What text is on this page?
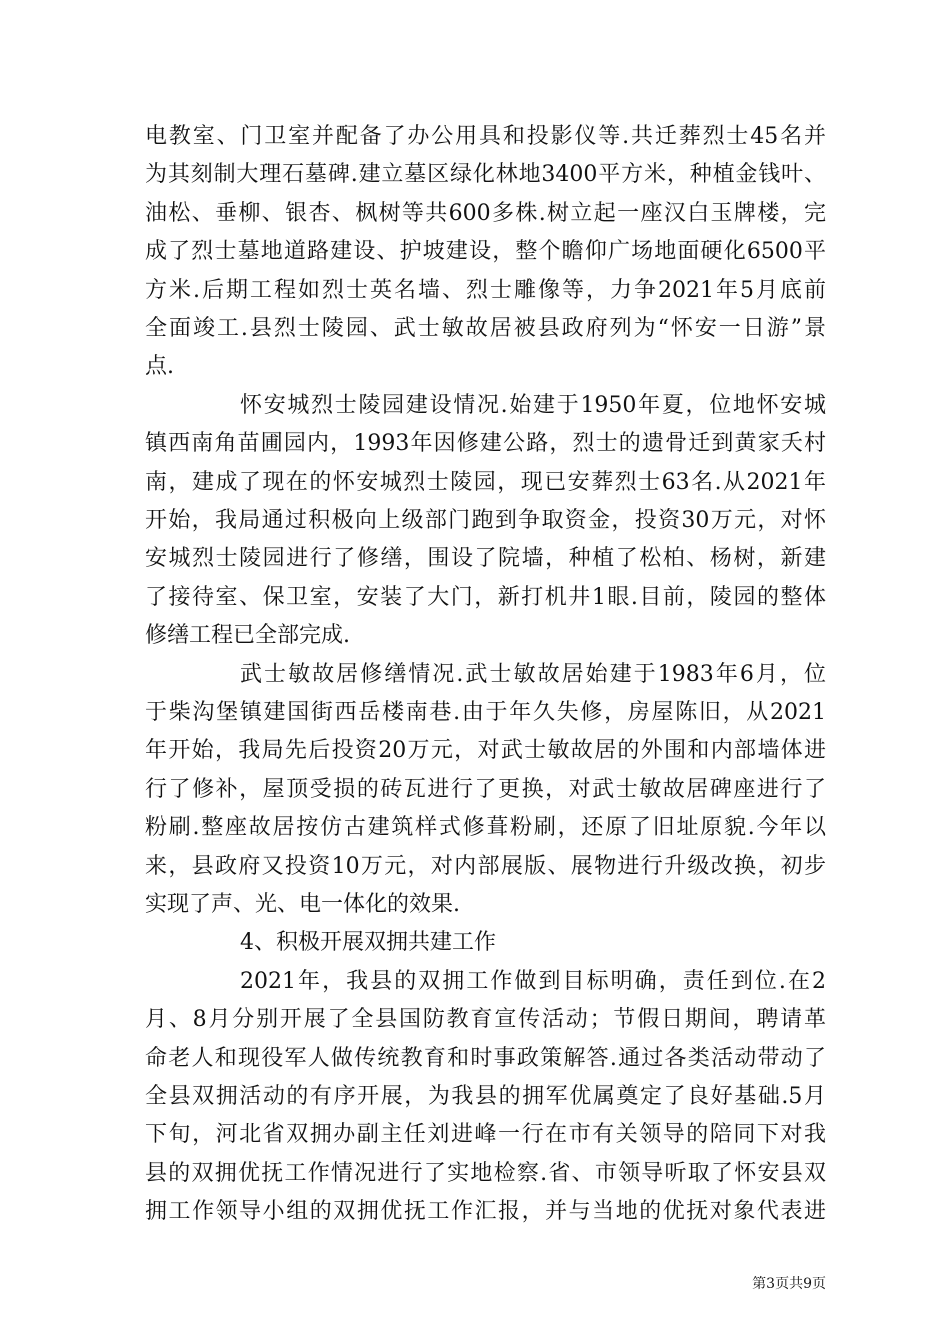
电教室、门卫室并配备了办公用具和投影仪等.共迁葬烈士45名并
为其刻制大理石墓碑.建立墓区绿化林地3400平方米，种植金钱叶、
油松、垂柳、银杏、枫树等共600多株.树立起一座汉白玉牌楼，完
成了烈士墓地道路建设、护坡建设，整个瞻仰广场地面硬化6500平
方米.后期工程如烈士英名墙、烈士雕像等，力争2021年5月底前
全面竣工.县烈士陵园、武士敏故居被县政府列为“怀安一日游”景
点.
怀安城烈士陵园建设情况.始建于1950年夏，位地怀安城
镇西南角苗圃园内，1993年因修建公路，烈士的遗骨迁到黄家夭村
南，建成了现在的怀安城烈士陵园，现已安葬烈士63名.从2021年
开始，我局通过积极向上级部门跑到争取资金，投资30万元，对怀
安城烈士陵园进行了修缮，围设了院墙，种植了松柏、杨树，新建
了接待室、保卫室，安装了大门，新打机井1眼.目前，陵园的整体
修缮工程已全部完成.
武士敏故居修缮情况.武士敏故居始建于1983年6月，位
于柴沟堡镇建国街西岳楼南巷.由于年久失修，房屋陈旧，从2021
年开始，我局先后投资20万元，对武士敏故居的外围和内部墙体进
行了修补，屋顶受损的砖瓦进行了更换，对武士敏故居碑座进行了
粉刷.整座故居按仿古建筑样式修葺粉刷，还原了旧址原貌.今年以
来，县政府又投资10万元，对内部展版、展物进行升级改换，初步
实现了声、光、电一体化的效果.
4、积极开展双拥共建工作
2021年，我县的双拥工作做到目标明确，责任到位.在2
月、8月分别开展了全县国防教育宣传活动；节假日期间，聘请革
命老人和现役军人做传统教育和时事政策解答.通过各类活动带动了
全县双拥活动的有序开展，为我县的拥军优属奠定了良好基础.5月
下旬，河北省双拥办副主任刘进峰一行在市有关领导的陪同下对我
县的双拥优抚工作情况进行了实地检察.省、市领导听取了怀安县双
拥工作领导小组的双拥优抚工作汇报，并与当地的优抚对象代表进
第3页共9页
